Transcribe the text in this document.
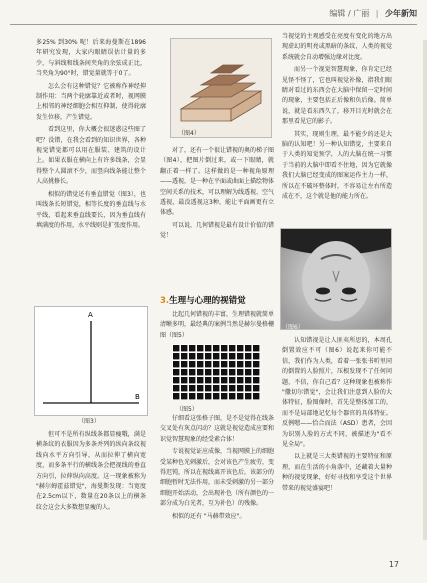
编辑 / 广丽 | 少年新知

多25% 到30% 呢！后来海曼斯在1896年研究发现，大家内眼睛误估计量的多少，与斜线和线条间夹角的余弦成正比，当夹角为90°时，错觉量就等于0了。

怎么会有这种错觉？它被称作神经抑制作用：当两个轮廓靠近或者时，视网膜上相邻的神经细胞会相互抑制，使得轮廓发生位移，产生错觉。

看到这里，你大概会很迷惑这些图了吧？没错，在我会看到的知识世界，各种视觉错觉都可以用在服装、建筑的设计上。如果衣服在横向上有许多线条，会显得整个人圆滚不少，而竖向线条能让整个人高挑修长。

相似的错觉还有垂直错觉（图3），也叫线条长短错觉，相等长度的垂直线与水平线，看起来垂直线要长，因为垂直线有填满度的作用，水平线则是扩张度作用。

A
B
（图3）

但可不是所有纵线条都显瘦哦，满是横条纹的衣服因为多条并列的纵向条纹视线向水平方向引导，从而拉伸了横向宽度，而多条平行的横线条会把视线的垂直方向引，拉伸纵向高度。这一现象被称为 "赫尔姆霍兹错觉"，海曼斯发现：当宽度在2.5cm以下，数量在20条以上的横条纹会这会大多数想显瘦的人。

（图4）

对了，还有一个很让错视的奥的梯子图（图4），把图片倒过来，或一下眼睛，就翻正着一样了。这样做的是一种视角原理——透视，是一种在平面或曲面上描绘物体空间关系的技术，可以理解为线透视、空气透视，最没透视这3种，能让平面画更有立体感。

可以说，几何错视是最有设计价值的错觉！

3.生理与心理的视错觉

比起几何错视的丰富，生理错视就简单清晰多明，最经典的案例当然是赫尔曼格栅图（图5）

（图5）

仔细看这张格子图，是不是觉得在线条交叉处有灰点闪动？这就是视觉造成应要和识觉智慧现象的经受素合体！

专说视觉证应成像，当视网膜上的细胞受某种色光刺激后，会对该色产生疲劳，变得迟钝，所以在视线离开该色后，该部分的细胞暂时无法作用，而未受刺激的另一部分细胞开始活动，会出现补色（所有颜色的一部分成为白光者，互为补色）的残像。

相似的还有 "马赫带效应"。

当视觉的主观感受在亮度有变化的地方出现虚幻的明亮或黑暗的条纹，人类的视觉系统就会自动增强边缘对比度。

而另一个视觉智慧现象，你肯定已经见怪不怪了，它也叫视觉补像，指我们眼睛对看过的东西会在大脑中保留一定时间的现象，主要包括正后像和负后像。简单说，就是看东西久了，移开目光时就会在那里看见它的影子。

其实，现则生理，最不能少的还是大脑的认知吧！另一种认知错觉，主要来自于人类的知觉预学，人的大脑在统一习惯于当前的大脑中即看不住地，因为它就像我们大脑已经变成的图案运作主力一样，所以在不破坏整体时，不容易让左右所造成在不，这个就是他的能力所在。

（图6）

认知错视是让人匪夷所思的，本周孔倒置效应不可（图6）说起来你可能不信，我们作为人类，看着一张张书听里同的倒置的人脸照片，压根发现不了任何问题，不信，你自己看？这种现象也被称作 "撒切尔错觉"，会让我们注意到人脸的大体特征，脸图像时，首先是整体加工的，而不是局部地记忆每个器官的具体特征。反例嗯——恰合而法（ASD）患者，会因为识别人脸的方式不同，被描述为"看不见全局"。

以上就是三大类错视的主要特征和原理，而在生活的小角落中，还藏着大量种种的视觉现象，好好寻找和享受这个世界带来的视觉盛宴吧！

17
